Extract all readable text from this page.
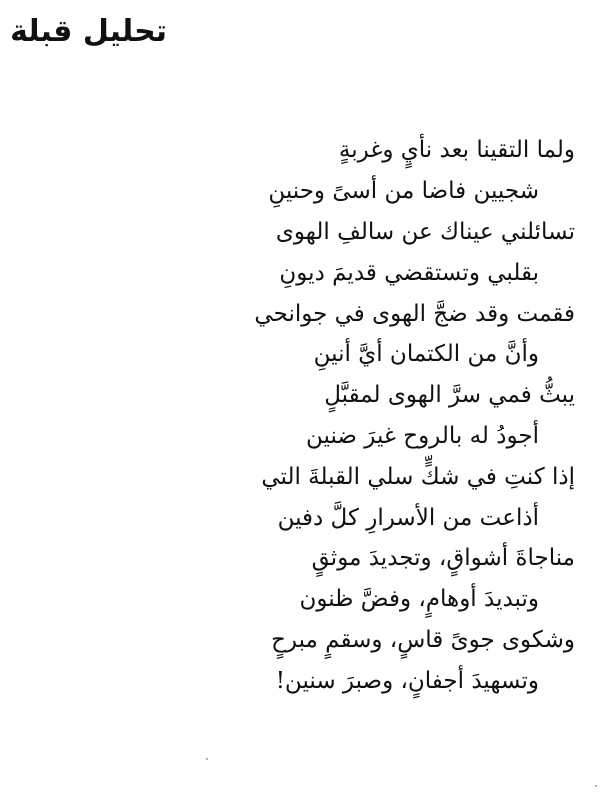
تحليل قبلة
ولما التقينا بعد نأيٍ وغربةٍ
شجيين فاضا من أسىً وحنينِ
تسائلني عيناك عن سالفِ الهوى
بقلبي وتستقضي قديمَ ديونِ
فقمت وقد ضجَّ الهوى في جوانحي
وأنَّ من الكتمان أيَّ أنينِ
يبثُّ فمي سرَّ الهوى لمقبَّلٍ
أجودُ له بالروح غيرَ ضنين
إذا كنتِ في شكٍّ سلي القبلةَ التي
أذاعت من الأسرارِ كلَّ دفين
مناجاةَ أشواقٍ، وتجديدَ موثقٍ
وتبديدَ أوهامٍ، وفضَّ ظنون
وشكوى جوىً قاسٍ، وسقمٍ مبرحٍ
وتسهيدَ أجفانٍ، وصبرَ سنين!
